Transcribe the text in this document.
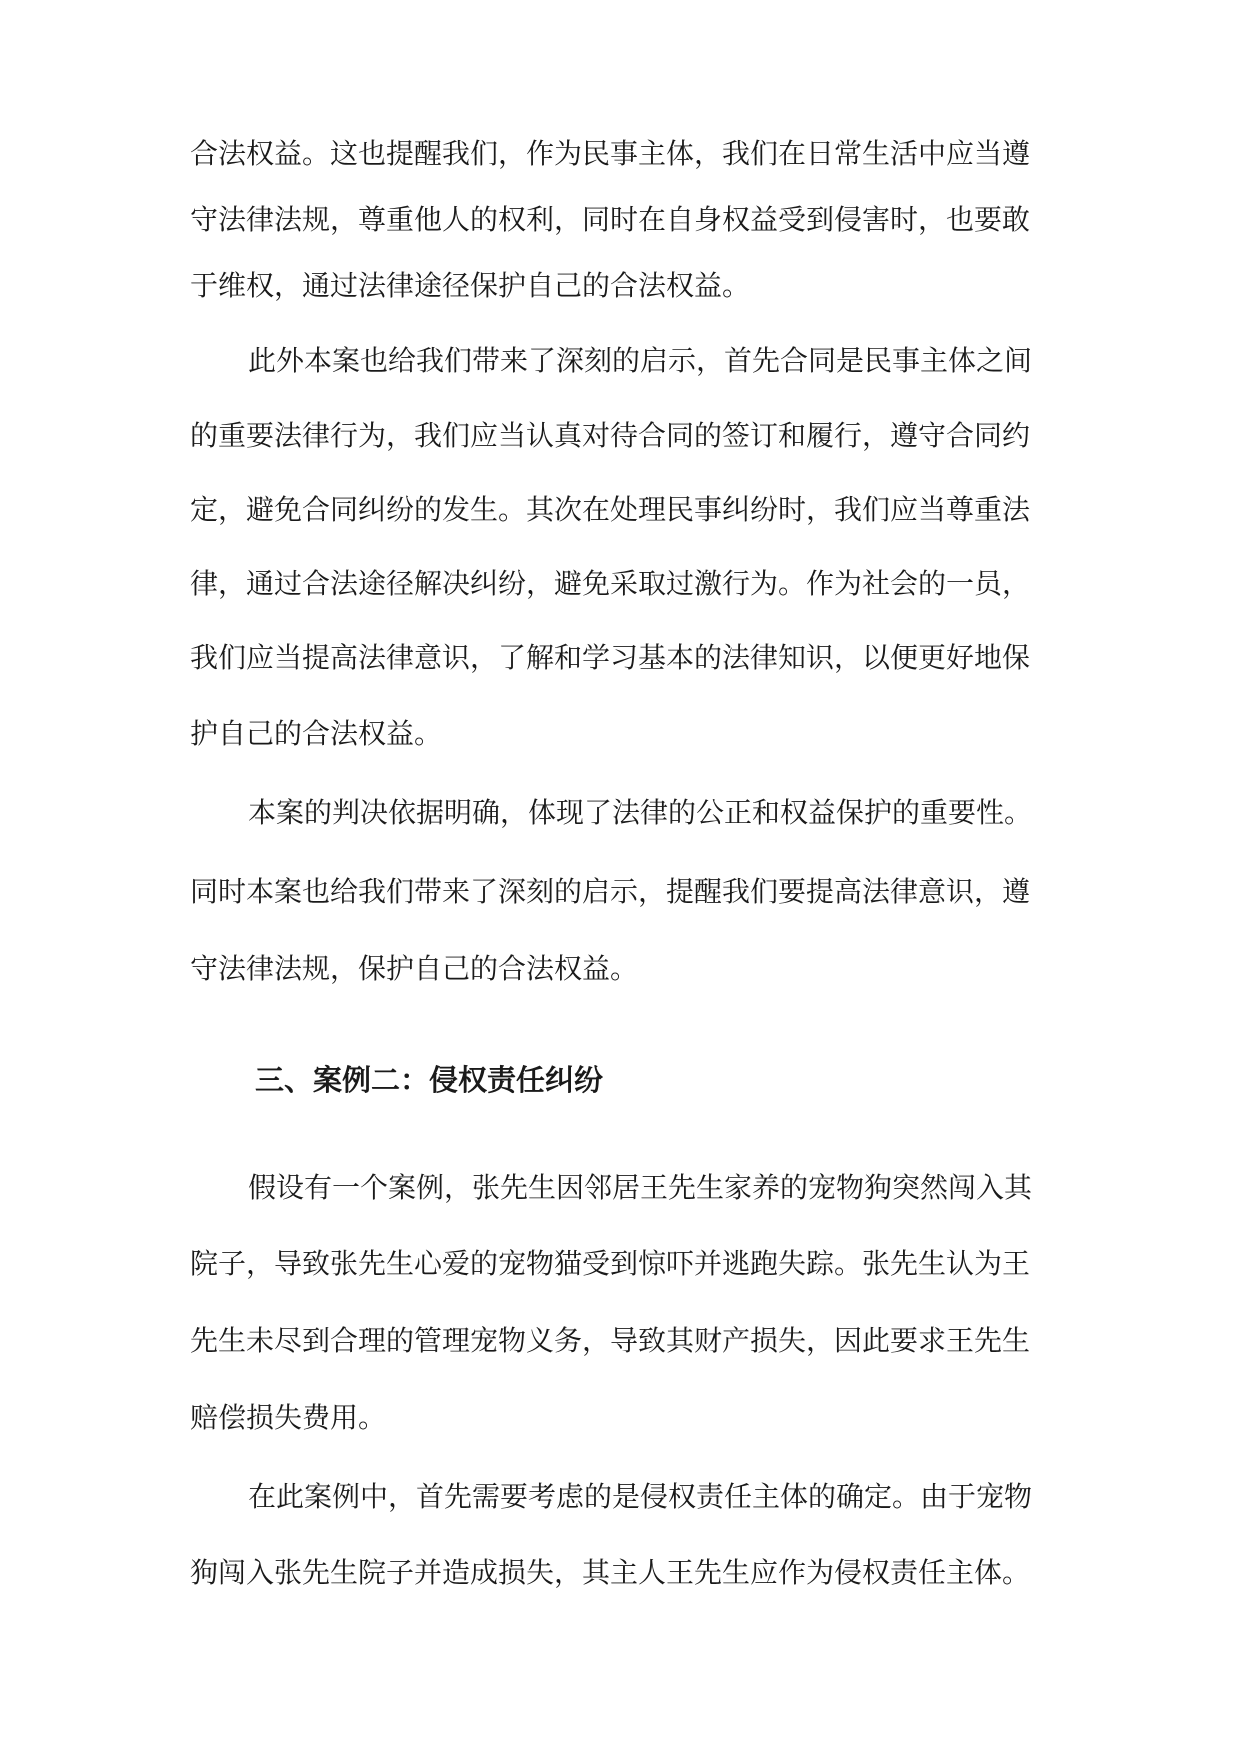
合法权益。这也提醒我们，作为民事主体，我们在日常生活中应当遵
守法律法规，尊重他人的权利，同时在自身权益受到侵害时，也要敢
于维权，通过法律途径保护自己的合法权益。
此外本案也给我们带来了深刻的启示，首先合同是民事主体之间
的重要法律行为，我们应当认真对待合同的签订和履行，遵守合同约
定，避免合同纠纷的发生。其次在处理民事纠纷时，我们应当尊重法
律，通过合法途径解决纠纷，避免采取过激行为。作为社会的一员，
我们应当提高法律意识，了解和学习基本的法律知识，以便更好地保
护自己的合法权益。
本案的判决依据明确，体现了法律的公正和权益保护的重要性。
同时本案也给我们带来了深刻的启示，提醒我们要提高法律意识，遵
守法律法规，保护自己的合法权益。
三、案例二：侵权责任纠纷
假设有一个案例，张先生因邻居王先生家养的宠物狗突然闯入其
院子，导致张先生心爱的宠物猫受到惊吓并逃跑失踪。张先生认为王
先生未尽到合理的管理宠物义务，导致其财产损失，因此要求王先生
赔偿损失费用。
在此案例中，首先需要考虑的是侵权责任主体的确定。由于宠物
狗闯入张先生院子并造成损失，其主人王先生应作为侵权责任主体。
